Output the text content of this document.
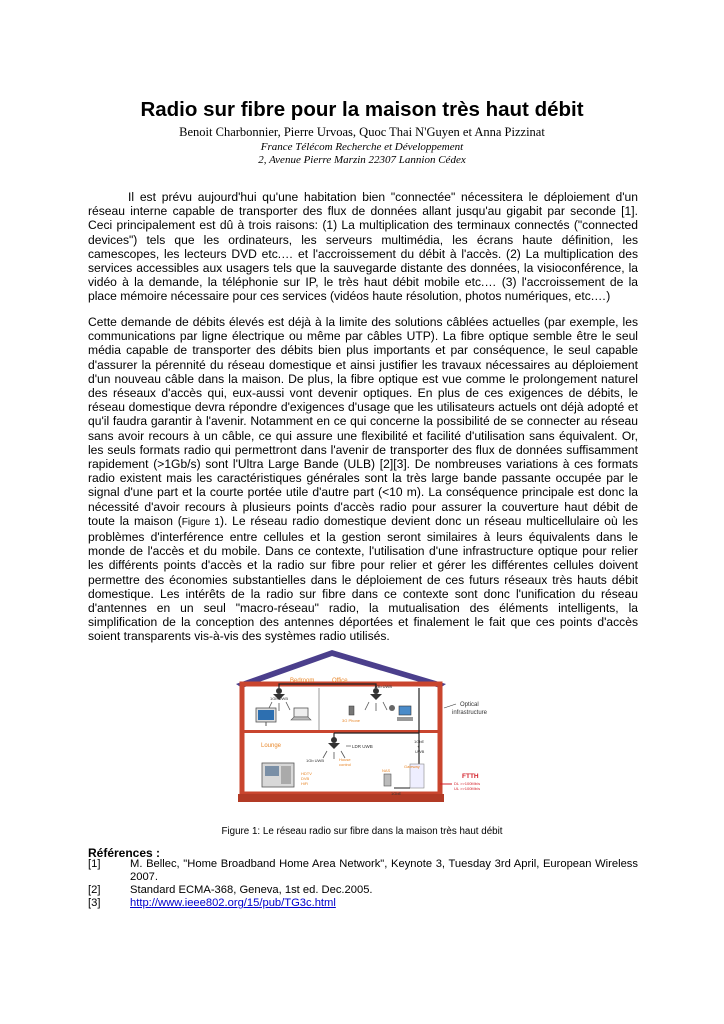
Radio sur fibre pour la maison très haut débit
Benoit Charbonnier, Pierre Urvoas, Quoc Thai N'Guyen et Anna Pizzinat
France Télécom Recherche et Développement
2, Avenue Pierre Marzin 22307 Lannion Cédex
Il est prévu aujourd'hui qu'une habitation bien "connectée" nécessitera le déploiement d'un réseau interne capable de transporter des flux de données allant jusqu'au gigabit par seconde [1]. Ceci principalement est dû à trois raisons: (1) La multiplication des terminaux connectés ("connected devices") tels que les ordinateurs, les serveurs multimédia, les écrans haute définition, les camescopes, les lecteurs DVD etc.… et l'accroissement du débit à l'accès. (2) La multiplication des services accessibles aux usagers tels que la sauvegarde distante des données, la visioconférence, la vidéo à la demande, la téléphonie sur IP, le très haut débit mobile etc.… (3) l'accroissement de la place mémoire nécessaire pour ces services (vidéos haute résolution, photos numériques, etc.…)
Cette demande de débits élevés est déjà à la limite des solutions câblées actuelles (par exemple, les communications par ligne électrique ou même par câbles UTP). La fibre optique semble être le seul média capable de transporter des débits bien plus importants et par conséquence, le seul capable d'assurer la pérennité du réseau domestique et ainsi justifier les travaux nécessaires au déploiement d'un nouveau câble dans la maison. De plus, la fibre optique est vue comme le prolongement naturel des réseaux d'accès qui, eux-aussi vont devenir optiques. En plus de ces exigences de débits, le réseau domestique devra répondre d'exigences d'usage que les utilisateurs actuels ont déjà adopté et qu'il faudra garantir à l'avenir. Notamment en ce qui concerne la possibilité de se connecter au réseau sans avoir recours à un câble, ce qui assure une flexibilité et facilité d'utilisation sans équivalent. Or, les seuls formats radio qui permettront dans l'avenir de transporter des flux de données suffisamment rapidement (>1Gb/s) sont l'Ultra Large Bande (ULB) [2][3]. De nombreuses variations à ces formats radio existent mais les caractéristiques générales sont la très large bande passante occupée par le signal d'une part et la courte portée utile d'autre part (<10 m). La conséquence principale est donc la nécessité d'avoir recours à plusieurs points d'accès radio pour assurer la couverture haut débit de toute la maison (Figure 1). Le réseau radio domestique devient donc un réseau multicellulaire où les problèmes d'interférence entre cellules et la gestion seront similaires à leurs équivalents dans le monde de l'accès et du mobile. Dans ce contexte, l'utilisation d'une infrastructure optique pour relier les différents points d'accès et la radio sur fibre pour relier et gérer les différentes cellules doivent permettre des économies substantielles dans le déploiement de ces futurs réseaux très hauts débit domestique. Les intérêts de la radio sur fibre dans ce contexte sont donc l'unification du réseau d'antennes en un seul "macro-réseau" radio, la mutualisation des éléments intelligents, la simplification de la conception des antennes déportées et finalement le fait que ces points d'accès soient transparents vis-à-vis des systèmes radio utilisés.
Bedroom	Office
Lounge
1Gb UWB
1Gb UWB
1Gb UWB
3G Phone
Optical
infrastructure
LDR UWB
House
control
1GbE
+
UWB
HDTV
DVB
HiFi
NAS
1GbE
Gateway
FTTH
DL >>100Mb/s
UL >>100Mb/s
Figure 1: Le réseau radio sur fibre dans la maison très haut débit
Références :
[1]	M. Bellec, "Home Broadband Home Area Network", Keynote 3, Tuesday 3rd April, European Wireless 2007.
[2]	Standard ECMA-368, Geneva, 1st ed. Dec.2005.
[3]	http://www.ieee802.org/15/pub/TG3c.html
